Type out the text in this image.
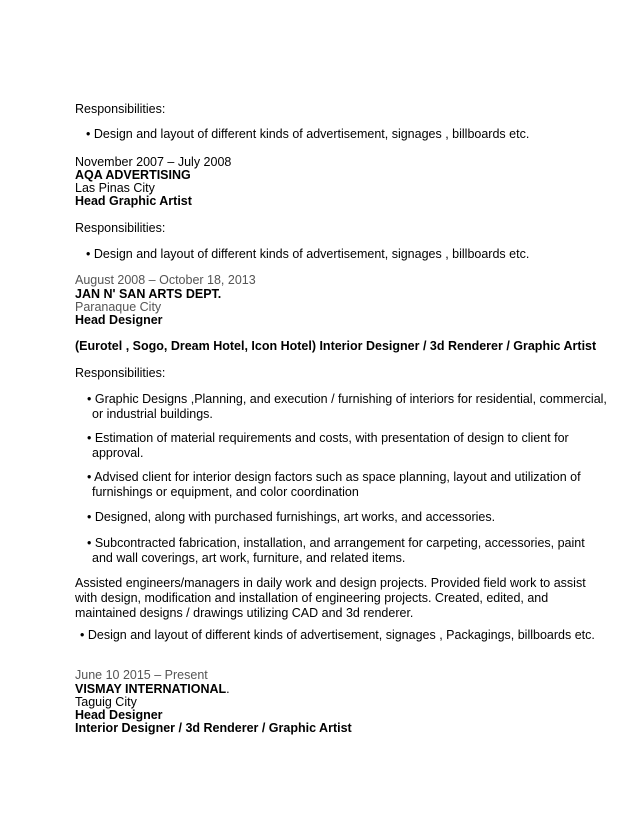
Responsibilities:
• Design and layout of different kinds of advertisement, signages , billboards etc.
November 2007 – July 2008
AQA ADVERTISING
Las Pinas City
Head Graphic Artist
Responsibilities:
• Design and layout of different kinds of advertisement, signages , billboards etc.
August 2008 – October 18, 2013
JAN N' SAN ARTS DEPT.
Paranaque City
Head Designer
(Eurotel , Sogo, Dream Hotel, Icon Hotel) Interior Designer / 3d Renderer / Graphic Artist
Responsibilities:
• Graphic Designs ,Planning, and execution / furnishing of interiors for residential, commercial,
or industrial buildings.
• Estimation of material requirements and costs, with presentation of design to client for
approval.
• Advised client for interior design factors such as space planning, layout and utilization of
furnishings or equipment, and color coordination
• Designed, along with purchased furnishings, art works, and accessories.
• Subcontracted fabrication, installation, and arrangement for carpeting, accessories, paint
and wall coverings, art work, furniture, and related items.
Assisted engineers/managers in daily work and design projects. Provided field work to assist
with design, modification and installation of engineering projects. Created, edited, and
maintained designs / drawings utilizing CAD and 3d renderer.
• Design and layout of different kinds of advertisement, signages , Packagings, billboards etc.
June 10 2015 – Present
VISMAY INTERNATIONAL.
Taguig City
Head Designer
Interior Designer / 3d Renderer / Graphic Artist
